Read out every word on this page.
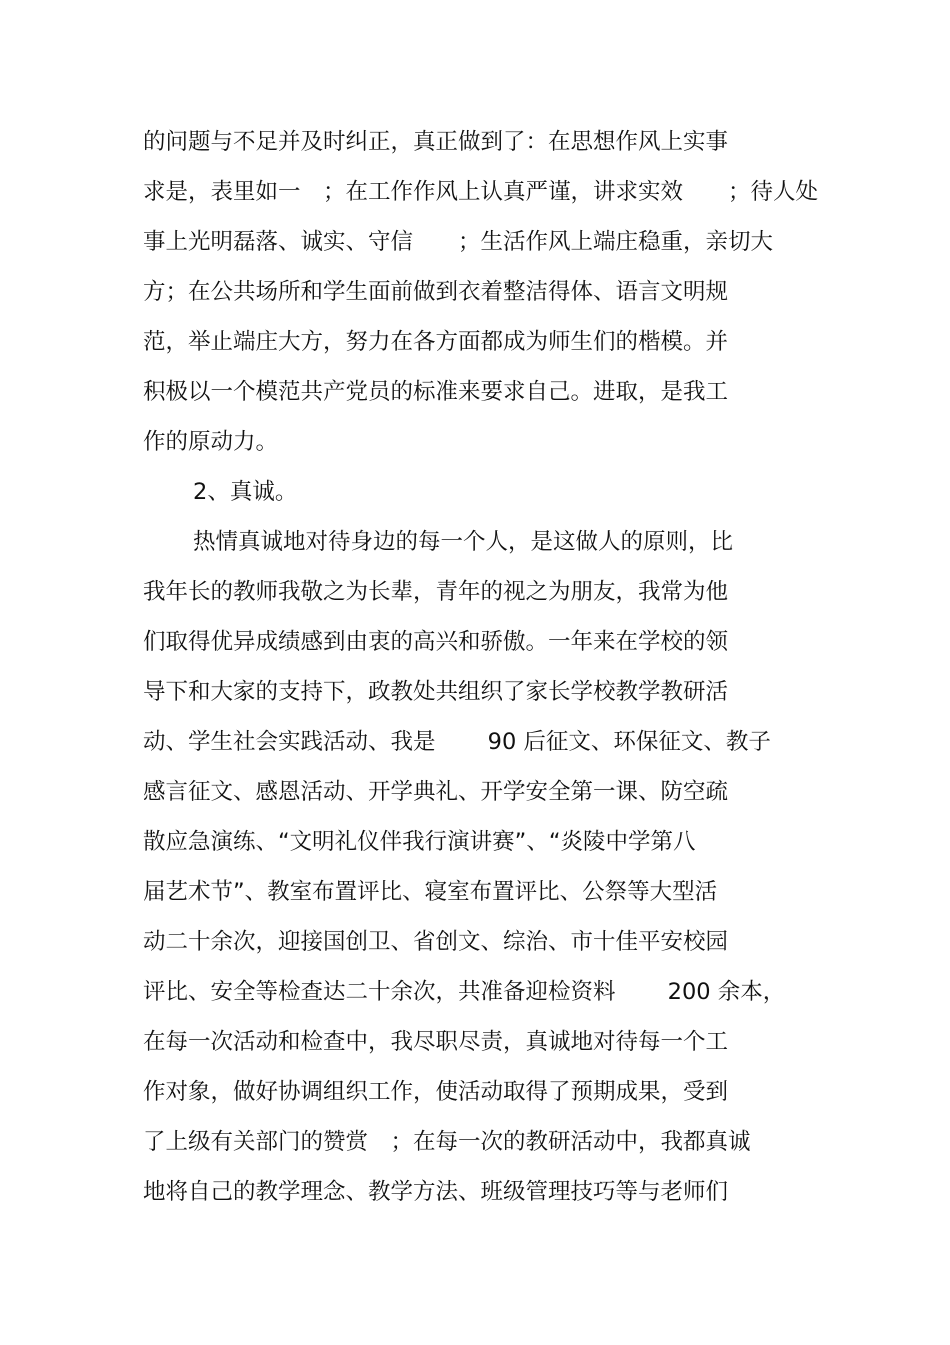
的问题与不足并及时纠正，真正做到了：在思想作风上实事
求是，表里如一　；在工作作风上认真严谨，讲求实效　　；待人处
事上光明磊落、诚实、守信　　；生活作风上端庄稳重，亲切大
方；在公共场所和学生面前做到衣着整洁得体、语言文明规
范，举止端庄大方，努力在各方面都成为师生们的楷模。并
积极以一个模范共产党员的标准来要求自己。进取，是我工
作的原动力。
2、真诚。
热情真诚地对待身边的每一个人，是这做人的原则，比
我年长的教师我敬之为长辈，青年的视之为朋友，我常为他
们取得优异成绩感到由衷的高兴和骄傲。一年来在学校的领
导下和大家的支持下，政教处共组织了家长学校教学教研活
动、学生社会实践活动、我是　　 90 后征文、环保征文、教子
感言征文、感恩活动、开学典礼、开学安全第一课、防空疏
散应急演练、“文明礼仪伴我行演讲赛”、“炎陵中学第八
届艺术节”、教室布置评比、寝室布置评比、公祭等大型活
动二十余次，迎接国创卫、省创文、综治、市十佳平安校园
评比、安全等检查达二十余次，共准备迎检资料　　 200 余本，
在每一次活动和检查中，我尽职尽责，真诚地对待每一个工
作对象，做好协调组织工作，使活动取得了预期成果，受到
了上级有关部门的赞赏　；在每一次的教研活动中，我都真诚
地将自己的教学理念、教学方法、班级管理技巧等与老师们
